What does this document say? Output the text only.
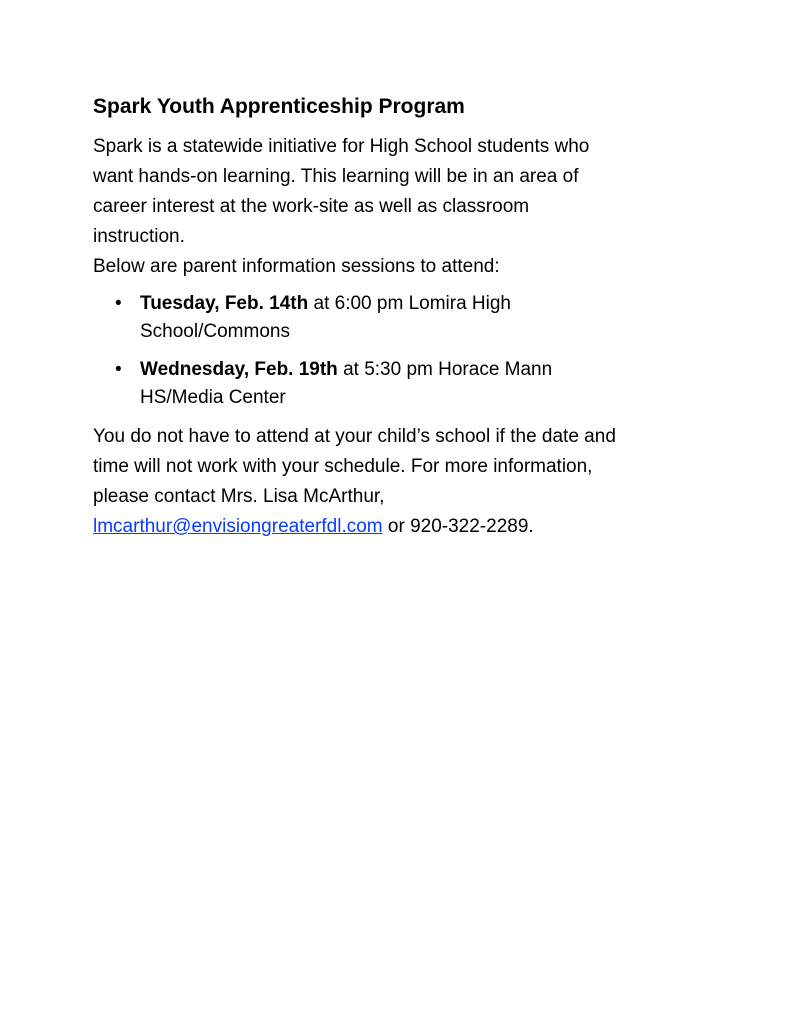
Spark Youth Apprenticeship Program

Spark is a statewide initiative for High School students who
want hands-on learning. This learning will be in an area of
career interest at the work-site as well as classroom
instruction.
Below are parent information sessions to attend:

• Tuesday, Feb. 14th at 6:00 pm Lomira High School/Commons
• Wednesday, Feb. 19th at 5:30 pm Horace Mann HS/Media Center

You do not have to attend at your child’s school if the date and
time will not work with your schedule. For more information,
please contact Mrs. Lisa McArthur,
lmcarthur@envisiongreaterfdl.com or 920-322-2289.
